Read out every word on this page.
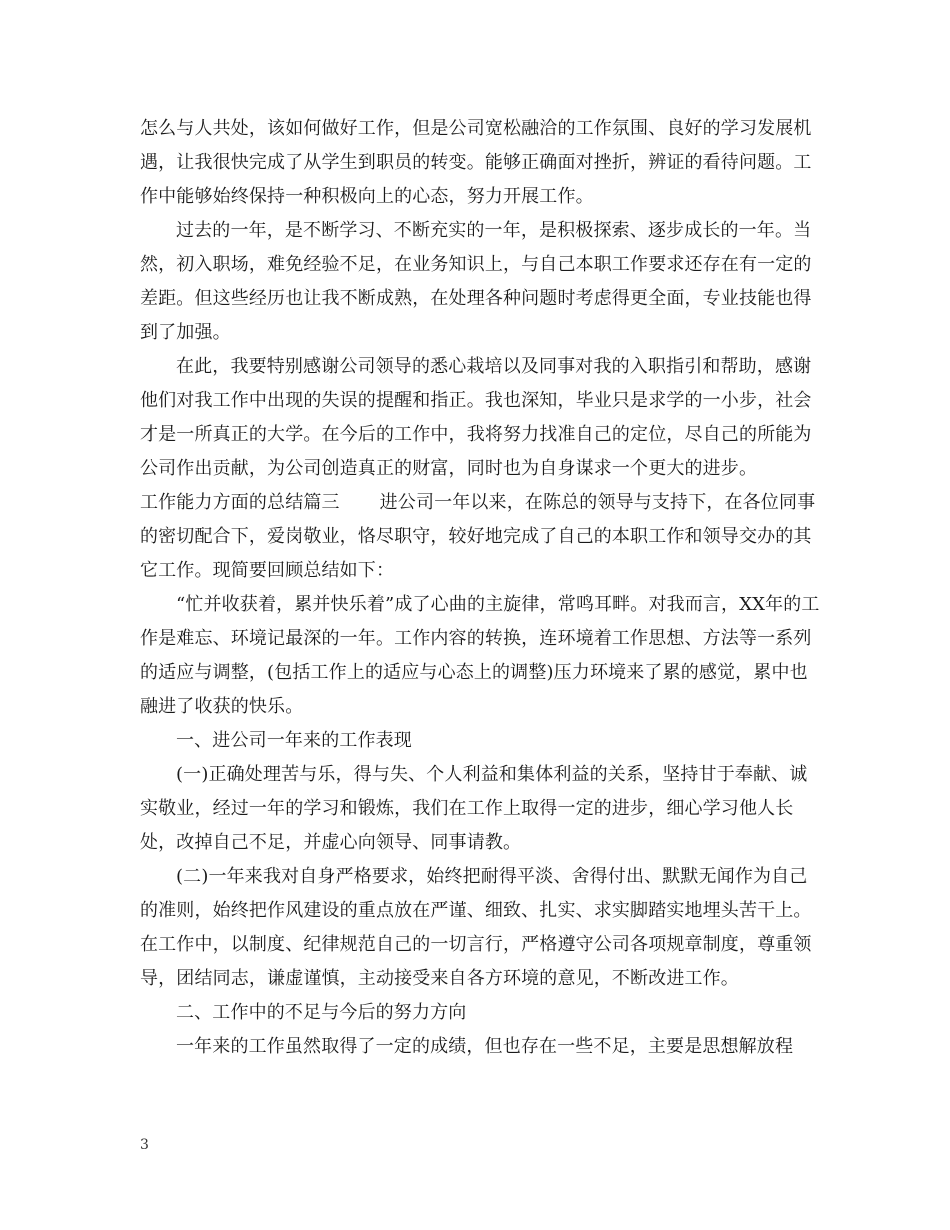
怎么与人共处，该如何做好工作，但是公司宽松融洽的工作氛围、良好的学习发展机遇，让我很快完成了从学生到职员的转变。能够正确面对挫折，辨证的看待问题。工作中能够始终保持一种积极向上的心态，努力开展工作。

过去的一年，是不断学习、不断充实的一年，是积极探索、逐步成长的一年。当然，初入职场，难免经验不足，在业务知识上，与自己本职工作要求还存在有一定的差距。但这些经历也让我不断成熟，在处理各种问题时考虑得更全面，专业技能也得到了加强。

在此，我要特别感谢公司领导的悉心栽培以及同事对我的入职指引和帮助，感谢他们对我工作中出现的失误的提醒和指正。我也深知，毕业只是求学的一小步，社会才是一所真正的大学。在今后的工作中，我将努力找准自己的定位，尽自己的所能为公司作出贡献，为公司创造真正的财富，同时也为自身谋求一个更大的进步。

工作能力方面的总结篇三 进公司一年以来，在陈总的领导与支持下，在各位同事的密切配合下，爱岗敬业，恪尽职守，较好地完成了自己的本职工作和领导交办的其它工作。现简要回顾总结如下：

“忙并收获着，累并快乐着”成了心曲的主旋律，常鸣耳畔。对我而言，XX年的工作是难忘、环境记最深的一年。工作内容的转换，连环境着工作思想、方法等一系列的适应与调整，(包括工作上的适应与心态上的调整)压力环境来了累的感觉，累中也融进了收获的快乐。

一、进公司一年来的工作表现

(一)正确处理苦与乐，得与失、个人利益和集体利益的关系，坚持甘于奉献、诚实敬业，经过一年的学习和锻炼，我们在工作上取得一定的进步，细心学习他人长处，改掉自己不足，并虚心向领导、同事请教。

(二)一年来我对自身严格要求，始终把耐得平淡、舍得付出、默默无闻作为自己的准则，始终把作风建设的重点放在严谨、细致、扎实、求实脚踏实地埋头苦干上。在工作中，以制度、纪律规范自己的一切言行，严格遵守公司各项规章制度，尊重领导，团结同志，谦虚谨慎，主动接受来自各方环境的意见，不断改进工作。

二、工作中的不足与今后的努力方向

一年来的工作虽然取得了一定的成绩，但也存在一些不足，主要是思想解放程

3
